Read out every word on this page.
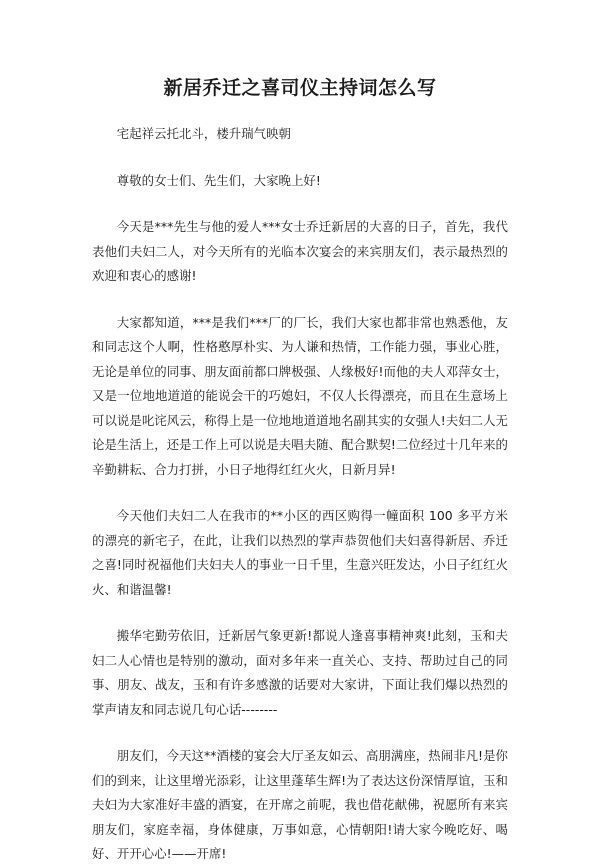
新居乔迁之喜司仪主持词怎么写

宅起祥云托北斗，楼升瑞气映朝

尊敬的女士们、先生们，大家晚上好!

今天是***先生与他的爱人***女士乔迁新居的大喜的日子，首先，我代表他们夫妇二人，对今天所有的光临本次宴会的来宾朋友们，表示最热烈的欢迎和衷心的感谢!

大家都知道，***是我们***厂的厂长，我们大家也都非常也熟悉他，友和同志这个人啊，性格憨厚朴实、为人谦和热情，工作能力强，事业心胜，无论是单位的同事、朋友面前都口牌极强、人缘极好!而他的夫人邓萍女士，又是一位地地道道的能说会干的巧媳妇，不仅人长得漂亮，而且在生意场上可以说是叱诧风云，称得上是一位地地道道地名副其实的女强人!夫妇二人无论是生活上，还是工作上可以说是夫唱夫随、配合默契!二位经过十几年来的辛勤耕耘、合力打拼，小日子地得红红火火，日新月异!

今天他们夫妇二人在我市的**小区的西区购得一幢面积 100 多平方米的漂亮的新宅子，在此，让我们以热烈的掌声恭贺他们夫妇喜得新居、乔迁之喜!同时祝福他们夫妇夫人的事业一日千里，生意兴旺发达，小日子红红火火、和谐温馨!

搬华宅勤劳依旧，迁新居气象更新!都说人逢喜事精神爽!此刻，玉和夫妇二人心情也是特别的激动，面对多年来一直关心、支持、帮助过自己的同事、朋友、战友，玉和有许多感激的话要对大家讲，下面让我们爆以热烈的掌声请友和同志说几句心话--------

朋友们，今天这**酒楼的宴会大厅圣友如云、高朋满座，热闹非凡!是你们的到来，让这里增光添彩，让这里蓬荜生辉!为了表达这份深情厚谊，玉和夫妇为大家准好丰盛的酒宴，在开席之前呢，我也借花献佛，祝愿所有来宾朋友们，家庭幸福，身体健康，万事如意，心情朝阳!请大家今晚吃好、喝好、开开心心!——开席!
